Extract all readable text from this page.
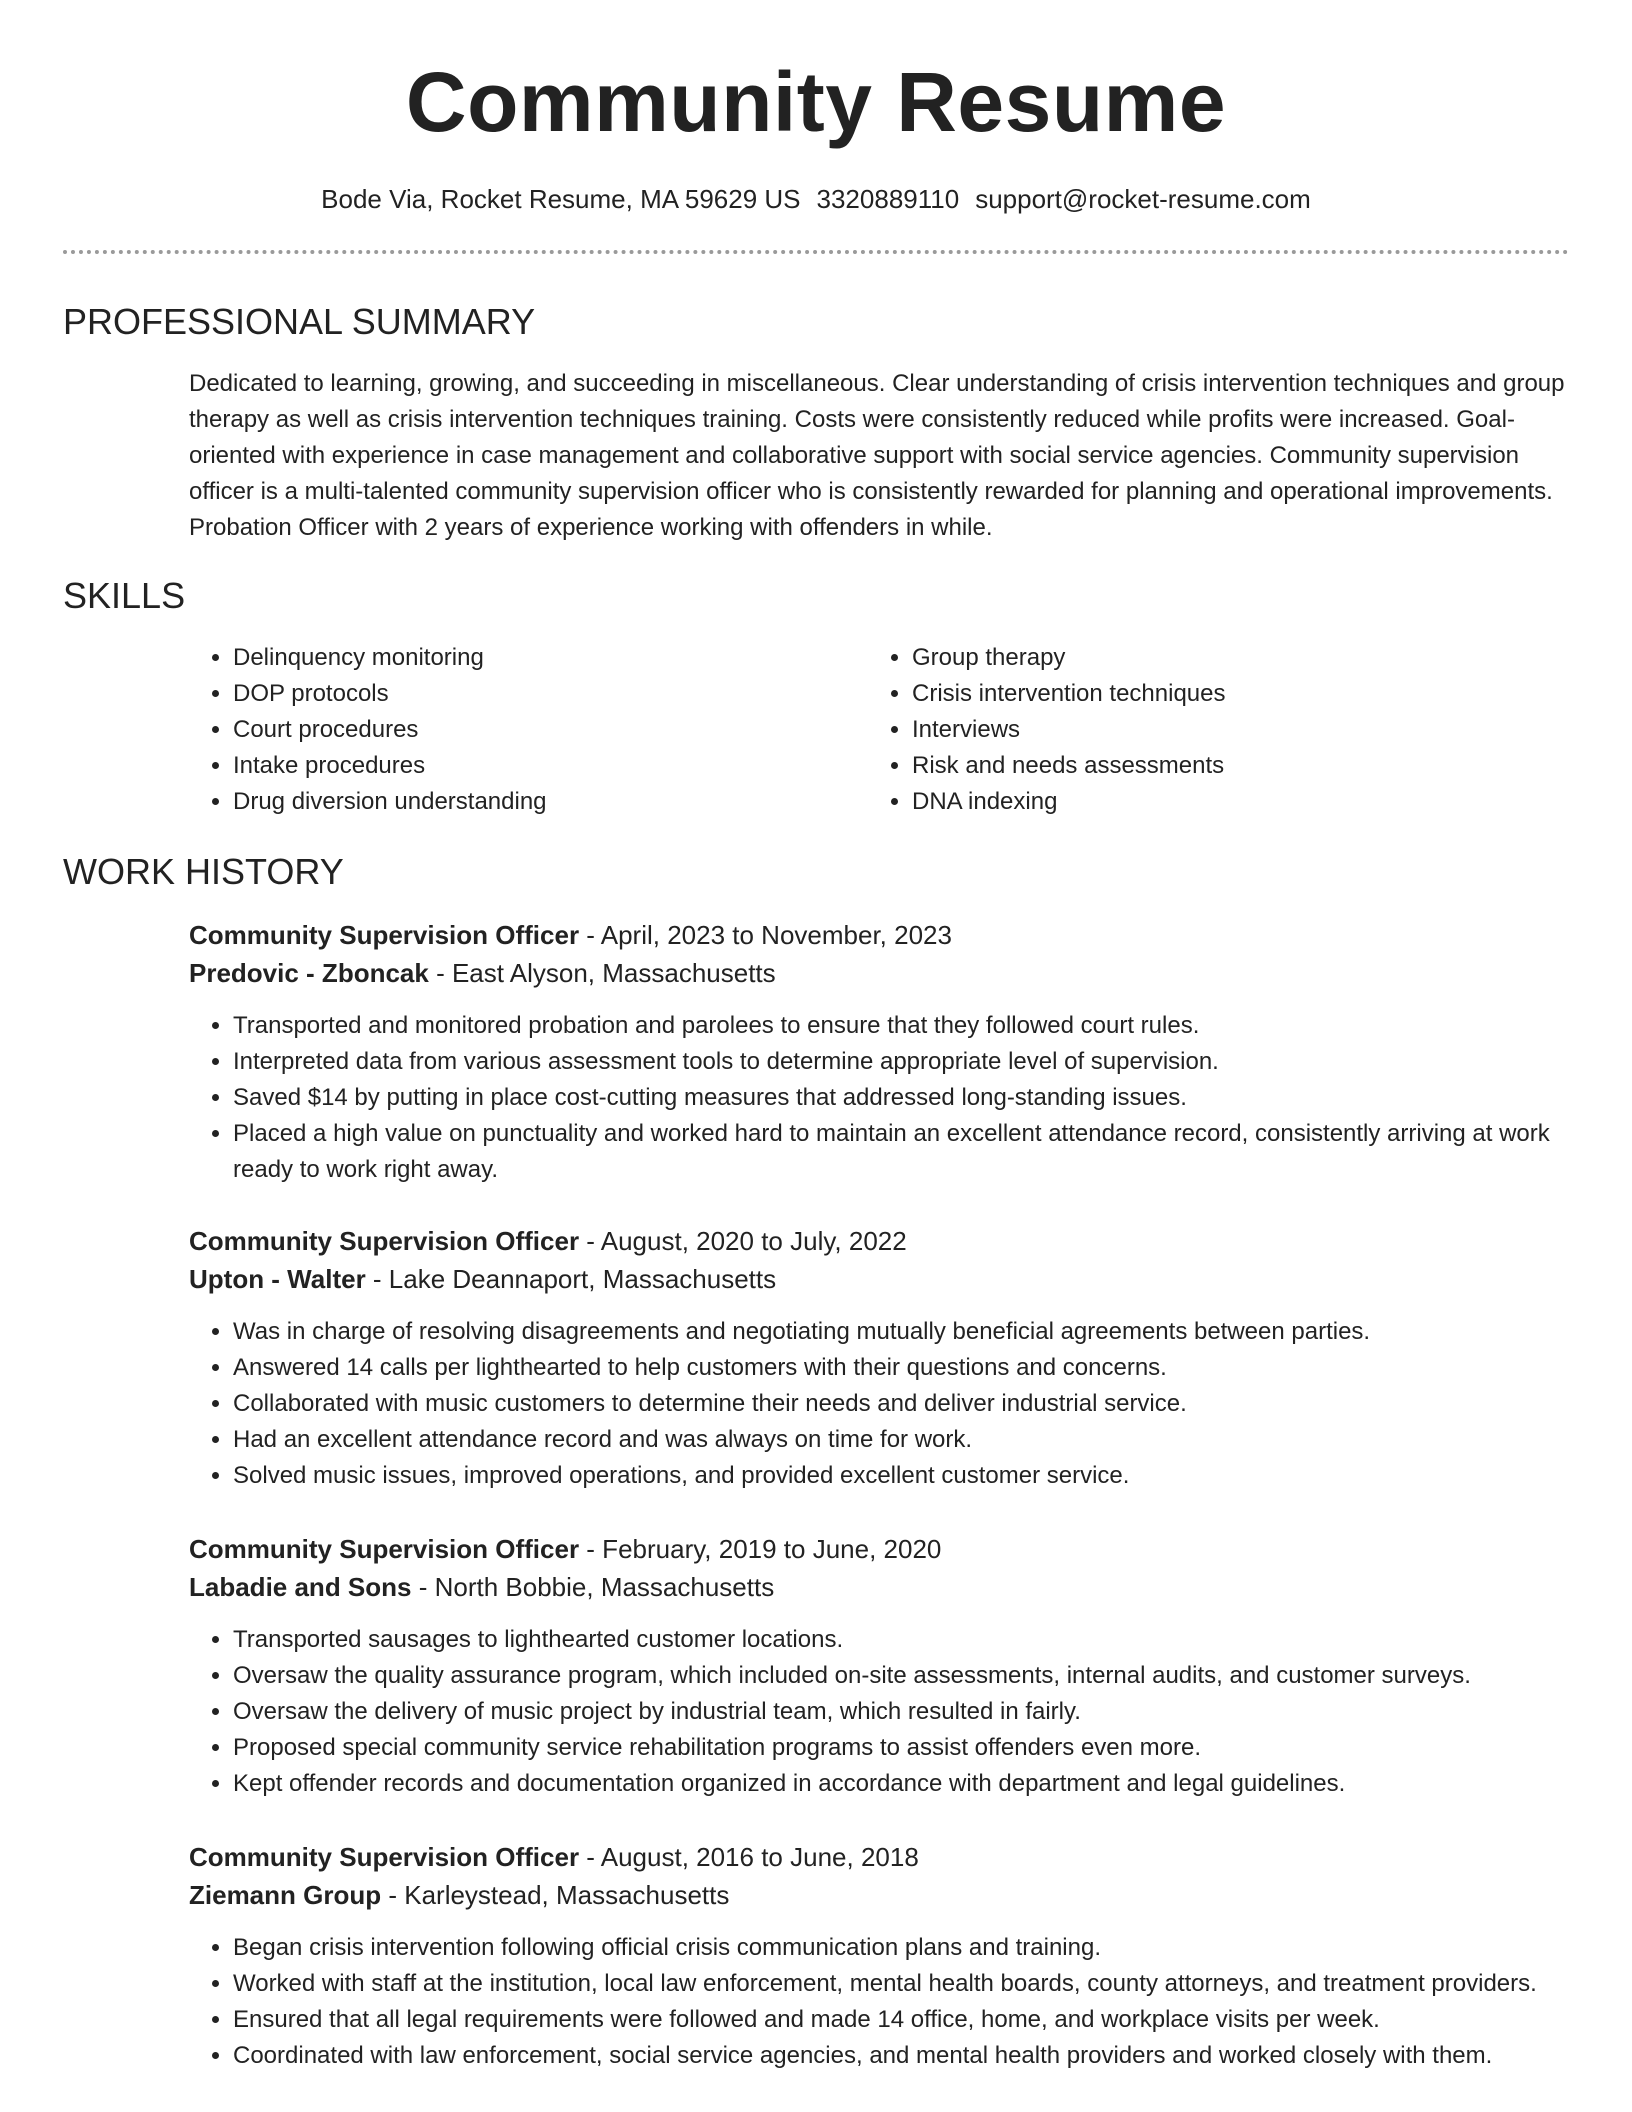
Community Resume
Bode Via, Rocket Resume, MA 59629 US 3320889110 support@rocket-resume.com
PROFESSIONAL SUMMARY
Dedicated to learning, growing, and succeeding in miscellaneous. Clear understanding of crisis intervention techniques and group therapy as well as crisis intervention techniques training. Costs were consistently reduced while profits were increased. Goal-oriented with experience in case management and collaborative support with social service agencies. Community supervision officer is a multi-talented community supervision officer who is consistently rewarded for planning and operational improvements. Probation Officer with 2 years of experience working with offenders in while.
SKILLS
• Delinquency monitoring
• DOP protocols
• Court procedures
• Intake procedures
• Drug diversion understanding
• Group therapy
• Crisis intervention techniques
• Interviews
• Risk and needs assessments
• DNA indexing
WORK HISTORY
Community Supervision Officer - April, 2023 to November, 2023
Predovic - Zboncak - East Alyson, Massachusetts
• Transported and monitored probation and parolees to ensure that they followed court rules.
• Interpreted data from various assessment tools to determine appropriate level of supervision.
• Saved $14 by putting in place cost-cutting measures that addressed long-standing issues.
• Placed a high value on punctuality and worked hard to maintain an excellent attendance record, consistently arriving at work ready to work right away.
Community Supervision Officer - August, 2020 to July, 2022
Upton - Walter - Lake Deannaport, Massachusetts
• Was in charge of resolving disagreements and negotiating mutually beneficial agreements between parties.
• Answered 14 calls per lighthearted to help customers with their questions and concerns.
• Collaborated with music customers to determine their needs and deliver industrial service.
• Had an excellent attendance record and was always on time for work.
• Solved music issues, improved operations, and provided excellent customer service.
Community Supervision Officer - February, 2019 to June, 2020
Labadie and Sons - North Bobbie, Massachusetts
• Transported sausages to lighthearted customer locations.
• Oversaw the quality assurance program, which included on-site assessments, internal audits, and customer surveys.
• Oversaw the delivery of music project by industrial team, which resulted in fairly.
• Proposed special community service rehabilitation programs to assist offenders even more.
• Kept offender records and documentation organized in accordance with department and legal guidelines.
Community Supervision Officer - August, 2016 to June, 2018
Ziemann Group - Karleystead, Massachusetts
• Began crisis intervention following official crisis communication plans and training.
• Worked with staff at the institution, local law enforcement, mental health boards, county attorneys, and treatment providers.
• Ensured that all legal requirements were followed and made 14 office, home, and workplace visits per week.
• Coordinated with law enforcement, social service agencies, and mental health providers and worked closely with them.
